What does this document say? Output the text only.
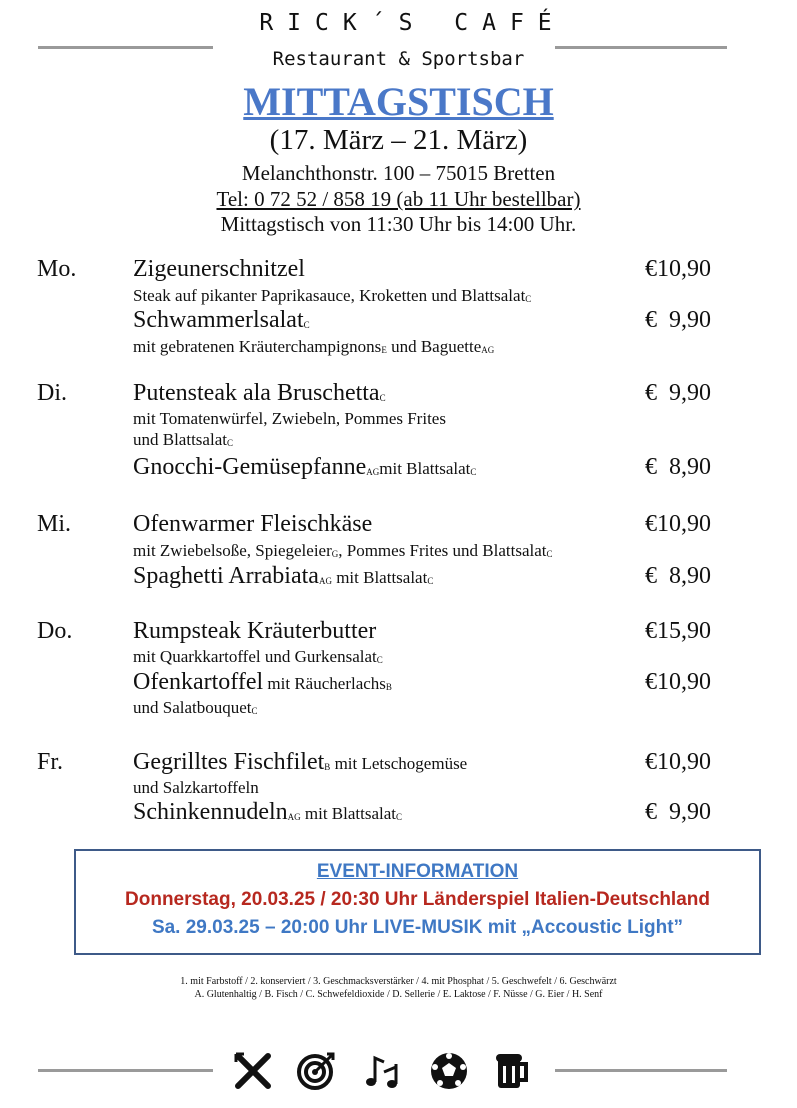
RICK´S CAFÉ
Restaurant & Sportsbar
MITTAGSTISCH
(17. März – 21. März)
Melanchthonstr. 100 – 75015 Bretten
Tel: 0 72 52 / 858 19 (ab 11 Uhr bestellbar)
Mittagstisch von 11:30 Uhr bis 14:00 Uhr.
Mo. Zigeunerschnitzel	€10,90
Steak auf pikanter Paprikasauce, Kroketten und Blattsalat$_C$
Schwammerlsalat$_C$	€  9,90
mit gebratenen Kräuterchampignons$_E$ und Baguette$_{AG}$
Di.	Putensteak ala Bruschetta$_C$	€  9,90
mit Tomatenwürfel, Zwiebeln, Pommes Frites
und Blattsalat$_C$
Gnocchi-Gemüsepfanne$_{AG}$mit Blattsalat$_C$	€  8,90
Mi.	Ofenwarmer Fleischkäse	€10,90
mit Zwiebelsoße, Spiegeleier$_G$, Pommes Frites und Blattsalat$_C$
Spaghetti Arrabiata$_{AG}$ mit Blattsalat$_C$	€  8,90
Do.	Rumpsteak Kräuterbutter	€15,90
mit Quarkkartoffel und Gurkensalat$_C$
Ofenkartoffel mit Räucherlachs$_B$	€10,90
und Salatbouquet$_C$
Fr.	Gegrilltes Fischfilet$_B$ mit Letschogemüse	€10,90
und Salzkartoffeln
Schinkennudeln$_{AG}$ mit Blattsalat$_C$	€  9,90
EVENT-INFORMATION
Donnerstag, 20.03.25 / 20:30 Uhr Länderspiel Italien-Deutschland
Sa. 29.03.25 – 20:00 Uhr LIVE-MUSIK mit „Accoustic Light”
1. mit Farbstoff / 2. konserviert / 3. Geschmacksverstärker / 4. mit Phosphat / 5. Geschwefelt / 6. Geschwärzt
A. Glutenhaltig / B. Fisch / C. Schwefeldioxide / D. Sellerie / E. Laktose / F. Nüsse / G. Eier / H. Senf
